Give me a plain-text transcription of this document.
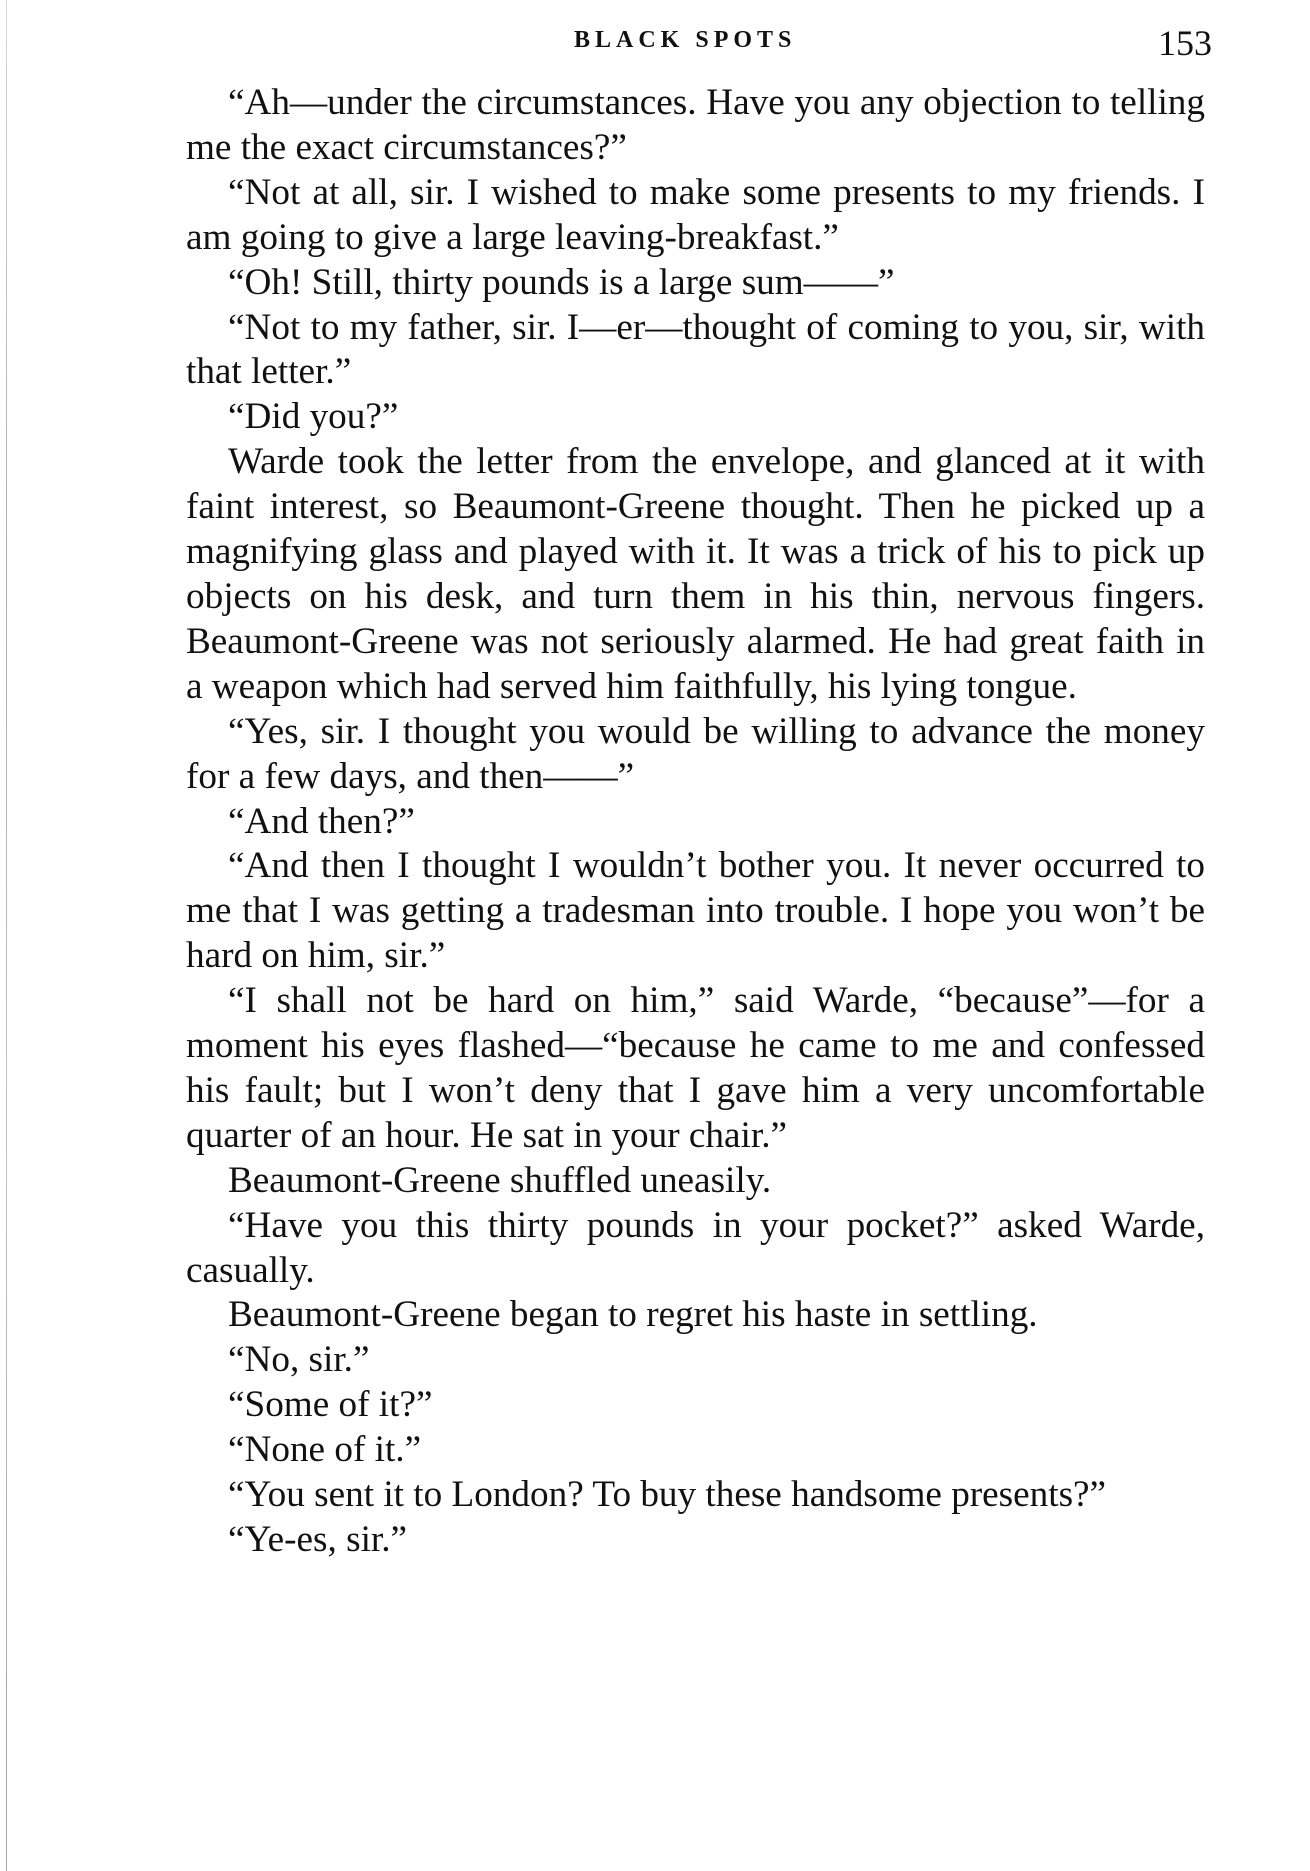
BLACK SPOTS	153

“Ah—under the circumstances. Have you any objection to telling me the exact circumstances?”

“Not at all, sir. I wished to make some presents to my friends. I am going to give a large leaving-breakfast.”

“Oh! Still, thirty pounds is a large sum——”

“Not to my father, sir. I—er—thought of coming to you, sir, with that letter.”

“Did you?”

Warde took the letter from the envelope, and glanced at it with faint interest, so Beaumont-Greene thought. Then he picked up a magnifying glass and played with it. It was a trick of his to pick up objects on his desk, and turn them in his thin, nervous fingers. Beaumont-Greene was not seriously alarmed. He had great faith in a weapon which had served him faithfully, his lying tongue.

“Yes, sir. I thought you would be willing to advance the money for a few days, and then——”

“And then?”

“And then I thought I wouldn’t bother you. It never occurred to me that I was getting a tradesman into trouble. I hope you won’t be hard on him, sir.”

“I shall not be hard on him,” said Warde, “because”—for a moment his eyes flashed—“because he came to me and confessed his fault; but I won’t deny that I gave him a very uncomfortable quarter of an hour. He sat in your chair.”

Beaumont-Greene shuffled uneasily.

“Have you this thirty pounds in your pocket?” asked Warde, casually.

Beaumont-Greene began to regret his haste in settling.

“No, sir.”

“Some of it?”

“None of it.”

“You sent it to London? To buy these handsome presents?”

“Ye-es, sir.”
